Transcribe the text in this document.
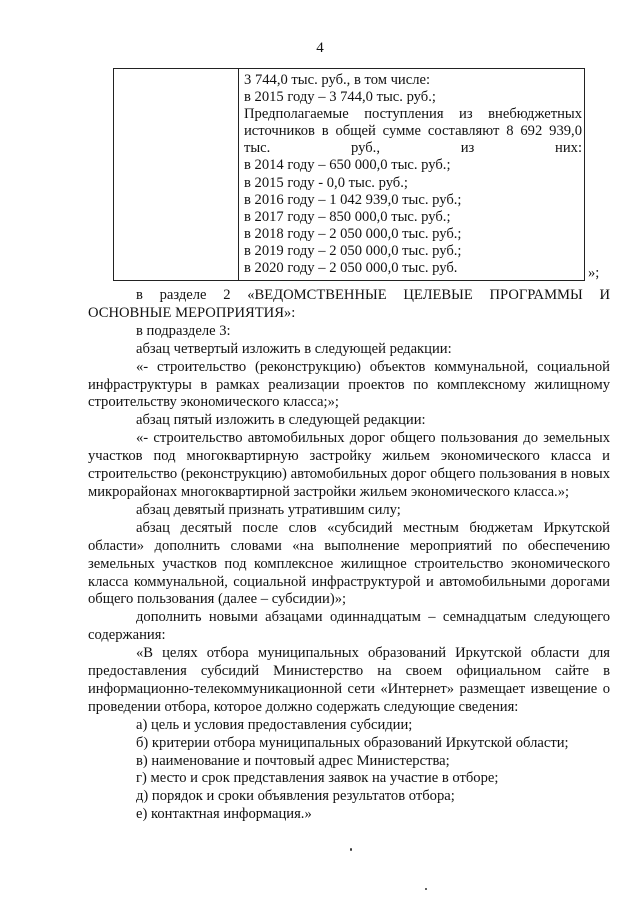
4
3 744,0 тыс. руб., в том числе:
в 2015 году – 3 744,0 тыс. руб.;
Предполагаемые поступления из внебюджетных источников в общей сумме составляют 8 692 939,0 тыс. руб., из них:
в 2014 году – 650 000,0 тыс. руб.;
в 2015 году - 0,0 тыс. руб.;
в 2016 году – 1 042 939,0 тыс. руб.;
в 2017 году – 850 000,0 тыс. руб.;
в 2018 году – 2 050 000,0 тыс. руб.;
в 2019 году – 2 050 000,0 тыс. руб.;
в 2020 году – 2 050 000,0 тыс. руб.	»;

в разделе 2 «ВЕДОМСТВЕННЫЕ ЦЕЛЕВЫЕ ПРОГРАММЫ И ОСНОВНЫЕ МЕРОПРИЯТИЯ»:

в подразделе 3:

абзац четвертый изложить в следующей редакции:

«- строительство (реконструкцию) объектов коммунальной, социальной инфраструктуры в рамках реализации проектов по комплексному жилищному строительству экономического класса;»;

абзац пятый изложить в следующей редакции:

«- строительство автомобильных дорог общего пользования до земельных участков под многоквартирную застройку жильем экономического класса и строительство (реконструкцию) автомобильных дорог общего пользования в новых микрорайонах многоквартирной застройки жильем экономического класса.»;

абзац девятый признать утратившим силу;

абзац десятый после слов «субсидий местным бюджетам Иркутской области» дополнить словами «на выполнение мероприятий по обеспечению земельных участков под комплексное жилищное строительство экономического класса коммунальной, социальной инфраструктурой и автомобильными дорогами общего пользования (далее – субсидии)»;

дополнить новыми абзацами одиннадцатым – семнадцатым следующего содержания:

«В целях отбора муниципальных образований Иркутской области для предоставления субсидий Министерство на своем официальном сайте в информационно-телекоммуникационной сети «Интернет» размещает извещение о проведении отбора, которое должно содержать следующие сведения:

а) цель и условия предоставления субсидии;

б) критерии отбора муниципальных образований Иркутской области;

в) наименование и почтовый адрес Министерства;

г) место и срок представления заявок на участие в отборе;

д) порядок и сроки объявления результатов отбора;

е) контактная информация.»
